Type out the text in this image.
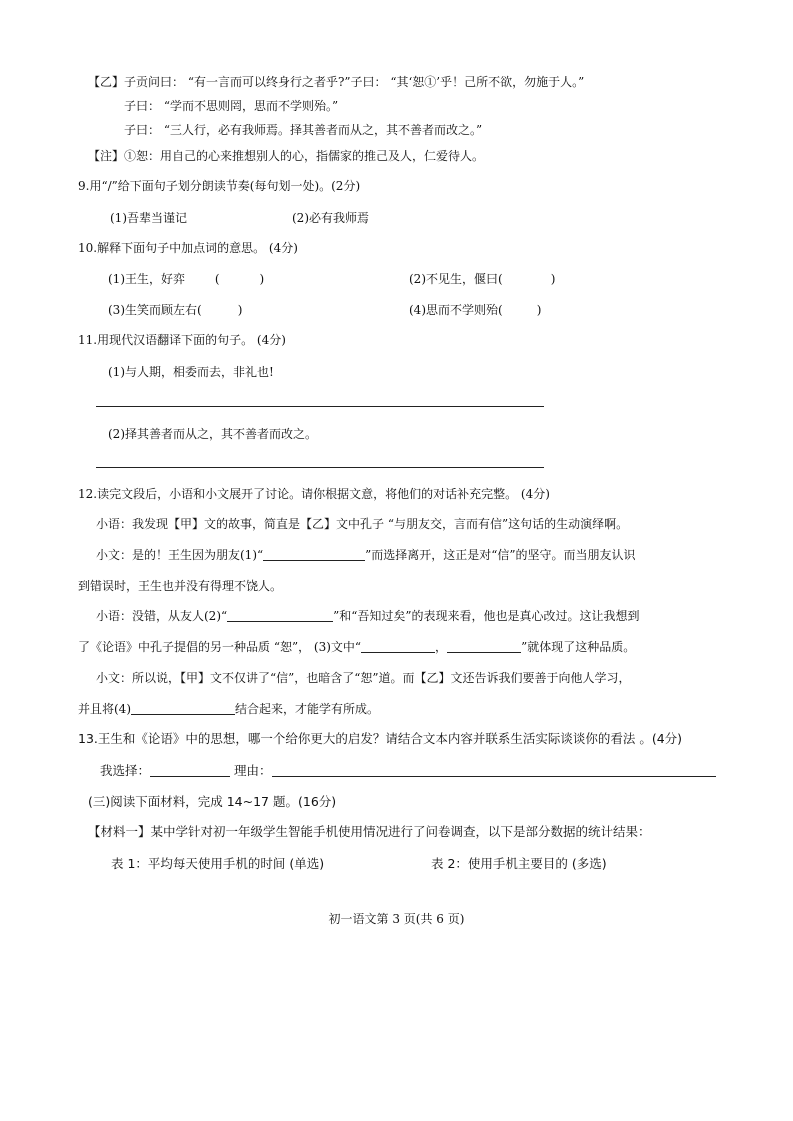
【乙】子贡问曰： “有一言而可以终身行之者乎?”子曰： “其‘恕①’乎！己所不欲，勿施于人。”
子曰： “学而不思则罔，思而不学则殆。”
子曰： “三人行，必有我师焉。择其善者而从之，其不善者而改之。”
【注】①恕：用自己的心来推想别人的心，指儒家的推己及人，仁爱待人。
9.用“/”给下面句子划分朗读节奏(每句划一处)。(2分)
(1)吾辈当谨记	(2)必有我师焉
10.解释下面句子中加点词的意思。 (4分)
(1)王生，好弈 (	)	(2)不见生，偃曰(	)
(3)生笑而顾左右(	)	(4)思而不学则殆(	)
11.用现代汉语翻译下面的句子。 (4分)
(1)与人期，相委而去，非礼也!
(2)择其善者而从之，其不善者而改之。
12.读完文段后，小语和小文展开了讨论。请你根据文意，将他们的对话补充完整。 (4分)
小语：我发现【甲】文的故事，简直是【乙】文中孔子 “与朋友交，言而有信”这句话的生动演绎啊。
小文：是的！王生因为朋友(1)“	”而选择离开，这正是对“信”的坚守。而当朋友认识
到错误时，王生也并没有得理不饶人。
小语：没错，从友人(2)“	”和“吾知过矣”的表现来看，他也是真心改过。这让我想到
了《论语》中孔子提倡的另一种品质 “恕”， (3)文中“	，	”就体现了这种品质。
小文：所以说，【甲】文不仅讲了“信”，也暗含了“恕”道。而【乙】文还告诉我们要善于向他人学习，
并且将(4)	结合起来，才能学有所成。
13.王生和《论语》中的思想，哪一个给你更大的启发？请结合文本内容并联系生活实际谈谈你的看法 。(4分)
我选择：	理由：
(三)阅读下面材料，完成 14~17 题。(16分)
【材料一】某中学针对初一年级学生智能手机使用情况进行了问卷调查，以下是部分数据的统计结果：
表 1：平均每天使用手机的时间 (单选)	表 2：使用手机主要目的 (多选)
初一语文第 3 页(共 6 页)
